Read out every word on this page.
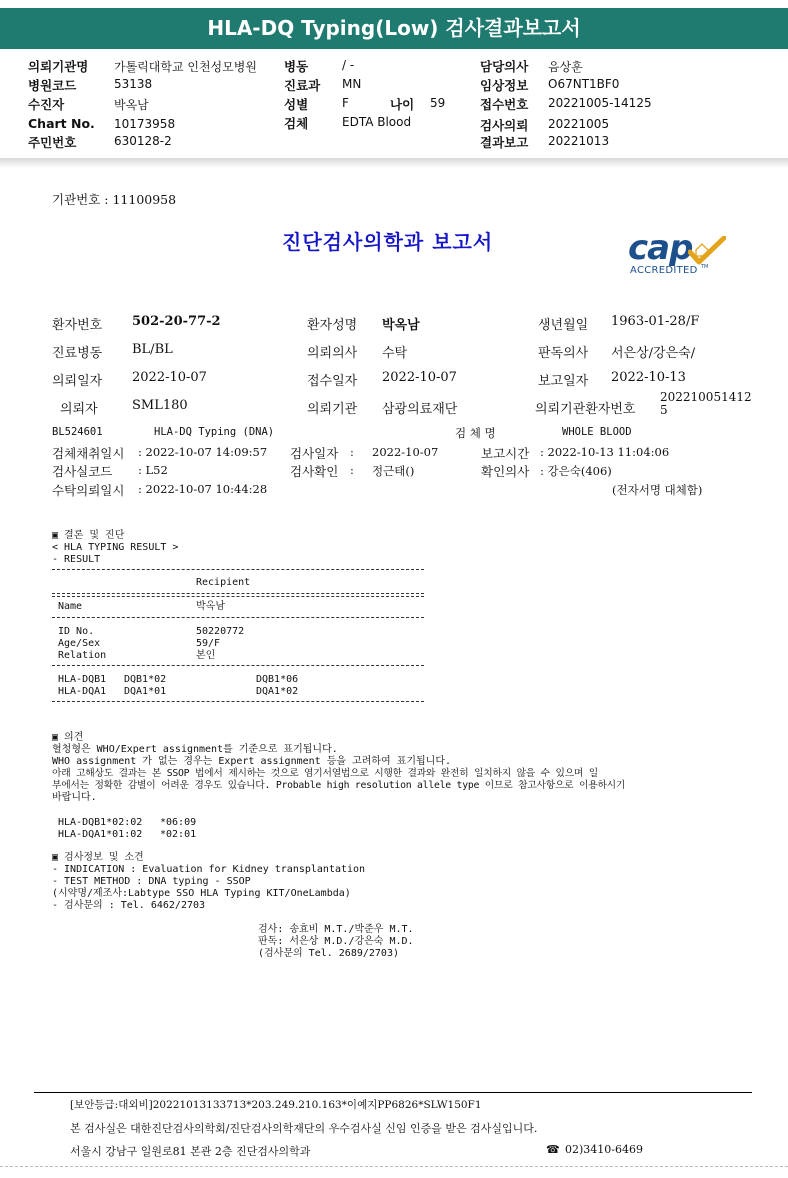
HLA-DQ Typing(Low) 검사결과보고서
의뢰기관명 가톨릭대학교 인천성모병원
병원코드	53138
수진자	박옥남
Chart No. 10173958
주민번호	630128-2
병동	/ -
진료과 MN
성별	F	나이 59
검체	EDTA Blood
담당의사 음상훈
임상정보 O67NT1BF0
접수번호 20221005-14125
검사의뢰 20221005
결과보고 20221013
기관번호 : 11100958
진단검사의학과 보고서	cap
ACCREDITED TM
환자번호 502-20-77-2	환자성명 박옥남	생년월일 1963-01-28/F
진료병동 BL/BL	의뢰의사 수탁	판독의사 서은상/강은숙/
의뢰일자 2022-10-07	접수일자 2022-10-07	보고일자 2022-10-13
의뢰자	SML180	의뢰기관 삼광의료재단	의뢰기관환자번호
202210051412
5
BL524601	HLA-DQ Typing (DNA)	검 체 명	WHOLE BLOOD
검체채취일시 : 2022-10-07 14:09:57 검사일자 : 2022-10-07	보고시간 : 2022-10-13 11:04:06
검사실코드 : L52	검사확인 : 정근태()	확인의사 : 강은숙(406)
수탁의뢰일시 : 2022-10-07 10:44:28	(전자서명 대체함)
▣ 결론 및 진단
< HLA TYPING RESULT >
- RESULT
Recipient
Name	박옥남
ID No.	50220772
Age/Sex	59/F
Relation	본인
HLA-DQB1 DQB1*02	DQB1*06
HLA-DQA1 DQA1*01	DQA1*02
▣ 의견
혈청형은 WHO/Expert assignment를 기준으로 표기됩니다.
WHO assignment 가 없는 경우는 Expert assignment 등을 고려하여 표기됩니다.
아래 고해상도 결과는 본 SSOP 법에서 제시하는 것으로 염기서열법으로 시행한 결과와 완전히 일치하지 않을 수 있으며 일
부에서는 정확한 감별이 어려운 경우도 있습니다. Probable high resolution allele type 이므로 참고사항으로 이용하시기
바랍니다.
HLA-DQB1*02:02 *06:09
HLA-DQA1*01:02 *02:01
▣ 검사정보 및 소견
- INDICATION : Evaluation for Kidney transplantation
- TEST METHOD : DNA typing - SSOP
(시약명/제조사:Labtype SSO HLA Typing KIT/OneLambda)
- 검사문의 : Tel. 6462/2703
검사: 송효비 M.T./박준우 M.T.
판독: 서은상 M.D./강은숙 M.D.
(검사문의 Tel. 2689/2703)
[보안등급:대외비]20221013133713*203.249.210.163*이예지PP6826*SLW150F1
본 검사실은 대한진단검사의학회/진단검사의학재단의 우수검사실 신임 인증을 받은 검사실입니다.
서울시 강남구 일원로81 본관 2층 진단검사의학과	☎ 02)3410-6469
